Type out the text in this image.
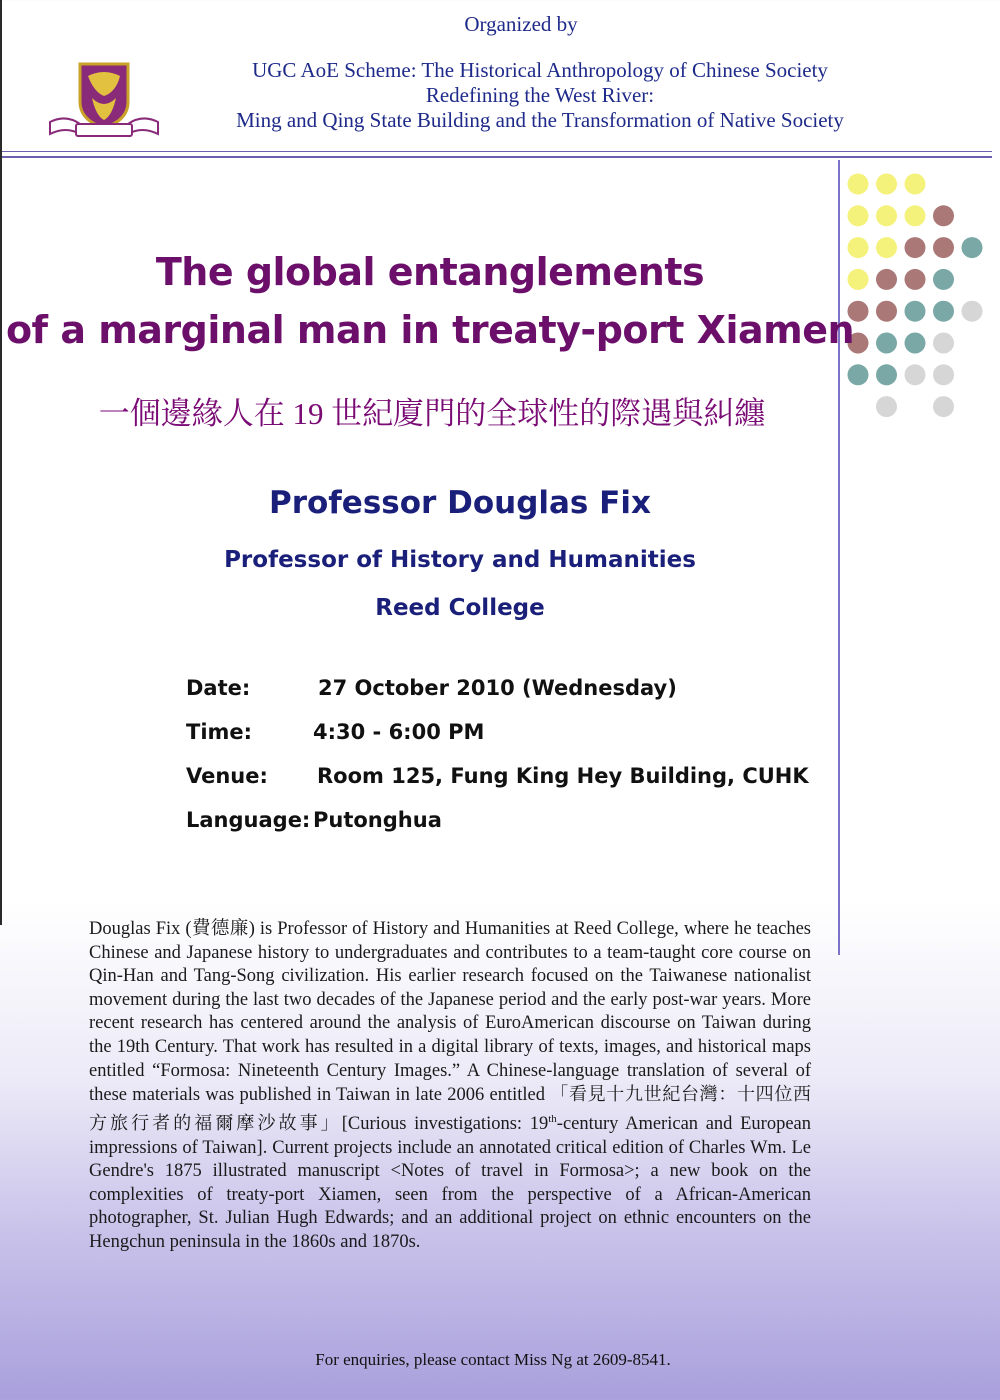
Organized by
UGC AoE Scheme: The Historical Anthropology of Chinese Society
Redefining the West River:
Ming and Qing State Building and the Transformation of Native Society
The global entanglements
of a marginal man in treaty-port Xiamen
一個邊緣人在 19 世紀廈門的全球性的際遇與糾纏
Professor Douglas Fix
Professor of History and Humanities
Reed College
Date:	27 October 2010 (Wednesday)
Time:	4:30 - 6:00 PM
Venue: Room 125, Fung King Hey Building, CUHK
Language: Putonghua
Douglas Fix (費德廉) is Professor of History and Humanities at Reed College, where he teaches Chinese and Japanese history to undergraduates and contributes to a team-taught core course on Qin-Han and Tang-Song civilization. His earlier research focused on the Taiwanese nationalist movement during the last two decades of the Japanese period and the early post-war years. More recent research has centered around the analysis of EuroAmerican discourse on Taiwan during the 19th Century. That work has resulted in a digital library of texts, images, and historical maps entitled “Formosa: Nineteenth Century Images.” A Chinese-language translation of several of these materials was published in Taiwan in late 2006 entitled 「看見十九世紀台灣：十四位西方旅行者的福爾摩沙故事」[Curious investigations: 19th-century American and European impressions of Taiwan]. Current projects include an annotated critical edition of Charles Wm. Le Gendre's 1875 illustrated manuscript <Notes of travel in Formosa>; a new book on the complexities of treaty-port Xiamen, seen from the perspective of a African-American photographer, St. Julian Hugh Edwards; and an additional project on ethnic encounters on the Hengchun peninsula in the 1860s and 1870s.
For enquiries, please contact Miss Ng at 2609-8541.
